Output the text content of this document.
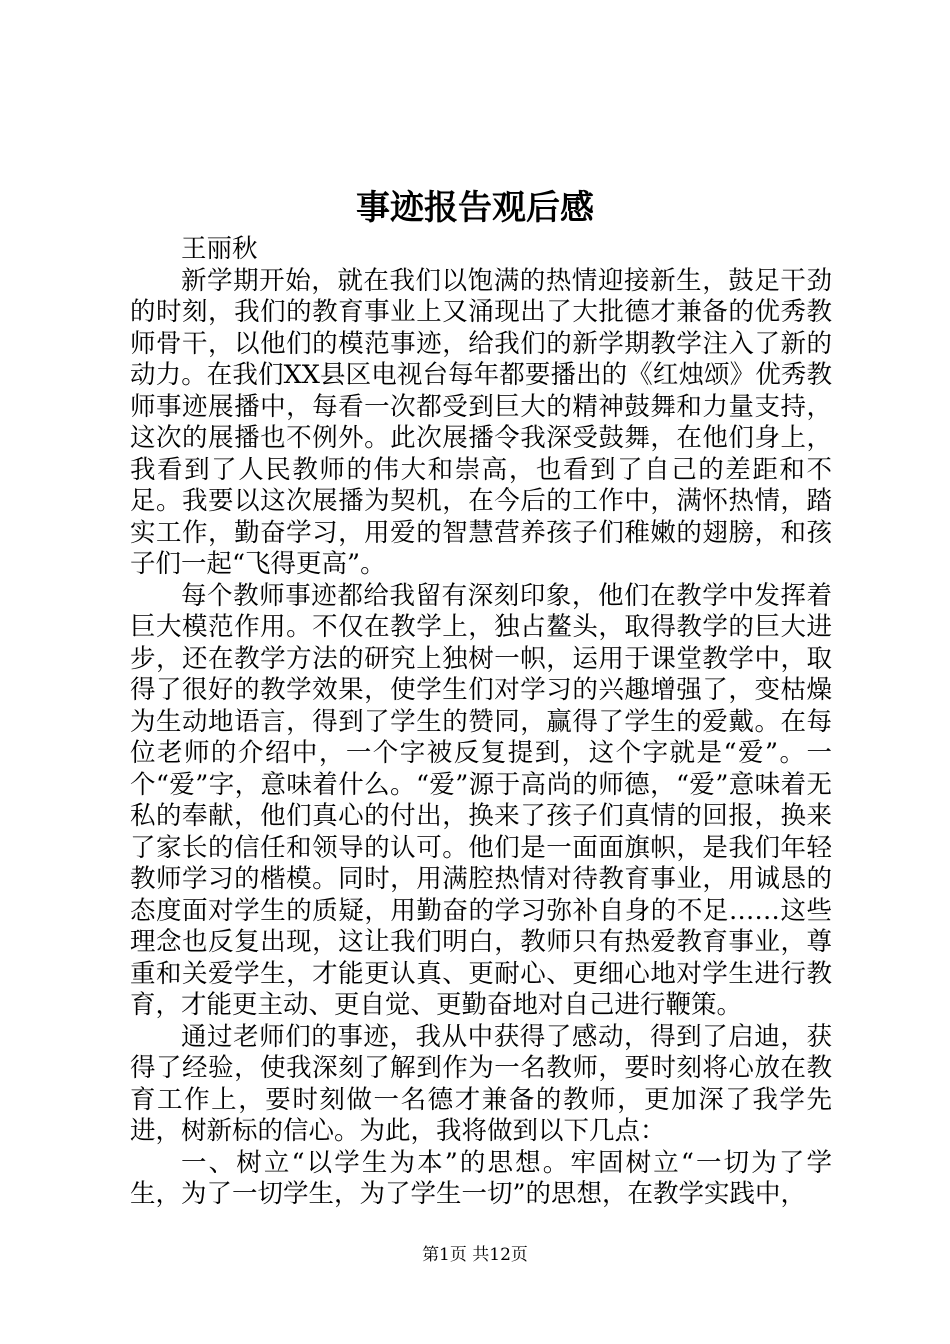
事迹报告观后感

王丽秋

新学期开始，就在我们以饱满的热情迎接新生，鼓足干劲的时刻，我们的教育事业上又涌现出了大批德才兼备的优秀教师骨干，以他们的模范事迹，给我们的新学期教学注入了新的动力。在我们XX县区电视台每年都要播出的《红烛颂》优秀教师事迹展播中，每看一次都受到巨大的精神鼓舞和力量支持，这次的展播也不例外。此次展播令我深受鼓舞，在他们身上，我看到了人民教师的伟大和崇高，也看到了自己的差距和不足。我要以这次展播为契机，在今后的工作中，满怀热情，踏实工作，勤奋学习，用爱的智慧营养孩子们稚嫩的翅膀，和孩子们一起“飞得更高”。

每个教师事迹都给我留有深刻印象，他们在教学中发挥着巨大模范作用。不仅在教学上，独占鳌头，取得教学的巨大进步，还在教学方法的研究上独树一帜，运用于课堂教学中，取得了很好的教学效果，使学生们对学习的兴趣增强了，变枯燥为生动地语言，得到了学生的赞同，赢得了学生的爱戴。在每位老师的介绍中，一个字被反复提到，这个字就是“爱”。一个“爱”字，意味着什么。“爱”源于高尚的师德，“爱”意味着无私的奉献，他们真心的付出，换来了孩子们真情的回报，换来了家长的信任和领导的认可。他们是一面面旗帜，是我们年轻教师学习的楷模。同时，用满腔热情对待教育事业，用诚恳的态度面对学生的质疑，用勤奋的学习弥补自身的不足……这些理念也反复出现，这让我们明白，教师只有热爱教育事业，尊重和关爱学生，才能更认真、更耐心、更细心地对学生进行教育，才能更主动、更自觉、更勤奋地对自己进行鞭策。

通过老师们的事迹，我从中获得了感动，得到了启迪，获得了经验，使我深刻了解到作为一名教师，要时刻将心放在教育工作上，要时刻做一名德才兼备的教师，更加深了我学先进，树新标的信心。为此，我将做到以下几点：

一、树立“以学生为本”的思想。牢固树立“一切为了学生，为了一切学生，为了学生一切”的思想，在教学实践中，

第1页 共12页
